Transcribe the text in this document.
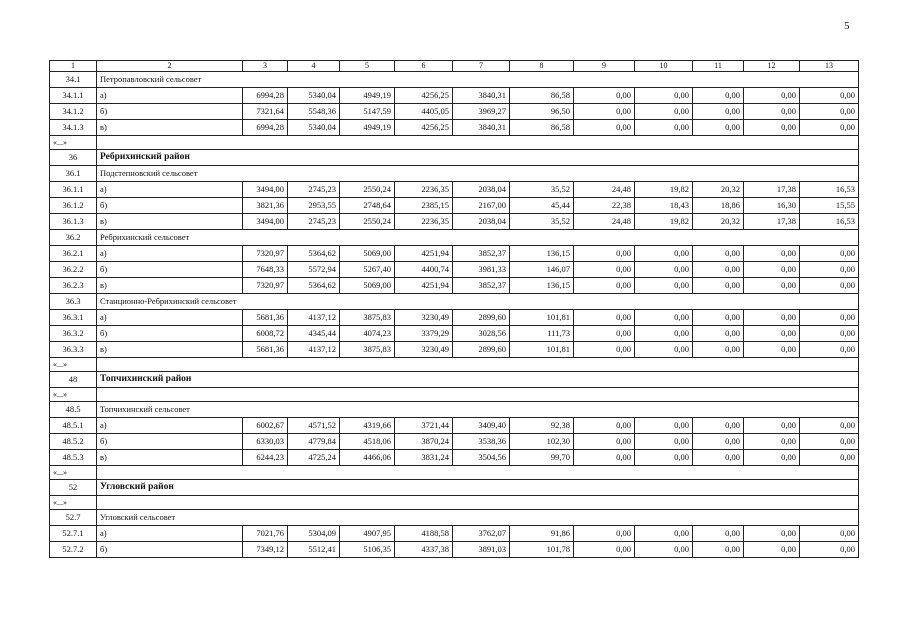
5
1	2	3	4	5	6	7	8	9	10	11	12	13
34.1	Петропавловский сельсовет											
34.1.1	а)	6994,28	5340,04	4949,19	4256,25	3840,31	86,58	0,00	0,00	0,00	0,00	0,00
34.1.2	б)	7321,64	5548,36	5147,59	4405,05	3969,27	96,50	0,00	0,00	0,00	0,00	0,00
34.1.3	в)	6994,28	5340,04	4949,19	4256,25	3840,31	86,58	0,00	0,00	0,00	0,00	0,00
«...»												
36	Ребрихинский район											
36.1	Подстепновский сельсовет											
36.1.1	а)	3494,00	2745,23	2550,24	2236,35	2038,04	35,52	24,48	19,82	20,32	17,38	16,53
36.1.2	б)	3821,36	2953,55	2748,64	2385,15	2167,00	45,44	22,38	18,43	18,86	16,30	15,55
36.1.3	в)	3494,00	2745,23	2550,24	2236,35	2038,04	35,52	24,48	19,82	20,32	17,38	16,53
36.2	Ребрихинский сельсовет											
36.2.1	а)	7320,97	5364,62	5069,00	4251,94	3852,37	136,15	0,00	0,00	0,00	0,00	0,00
36.2.2	б)	7648,33	5572,94	5267,40	4400,74	3981,33	146,07	0,00	0,00	0,00	0,00	0,00
36.2.3	в)	7320,97	5364,62	5069,00	4251,94	3852,37	136,15	0,00	0,00	0,00	0,00	0,00
36.3	Станционно-Ребрихинский сельсовет											
36.3.1	а)	5681,36	4137,12	3875,83	3230,49	2899,60	101,81	0,00	0,00	0,00	0,00	0,00
36.3.2	б)	6008,72	4345,44	4074,23	3379,29	3028,56	111,73	0,00	0,00	0,00	0,00	0,00
36.3.3	в)	5681,36	4137,12	3875,83	3230,49	2899,60	101,81	0,00	0,00	0,00	0,00	0,00
«...»												
48	Топчихинский район											
«...»												
48.5	Топчихинский сельсовет											
48.5.1	а)	6002,67	4571,52	4319,66	3721,44	3409,40	92,38	0,00	0,00	0,00	0,00	0,00
48.5.2	б)	6330,03	4779,84	4518,06	3870,24	3538,36	102,30	0,00	0,00	0,00	0,00	0,00
48.5.3	в)	6244,23	4725,24	4466,06	3831,24	3504,56	99,70	0,00	0,00	0,00	0,00	0,00
«...»												
52	Угловский район											
«...»												
52.7	Угловский сельсовет											
52.7.1	а)	7021,76	5304,09	4907,95	4188,58	3762,07	91,86	0,00	0,00	0,00	0,00	0,00
52.7.2	б)	7349,12	5512,41	5106,35	4337,38	3891,03	101,78	0,00	0,00	0,00	0,00	0,00
